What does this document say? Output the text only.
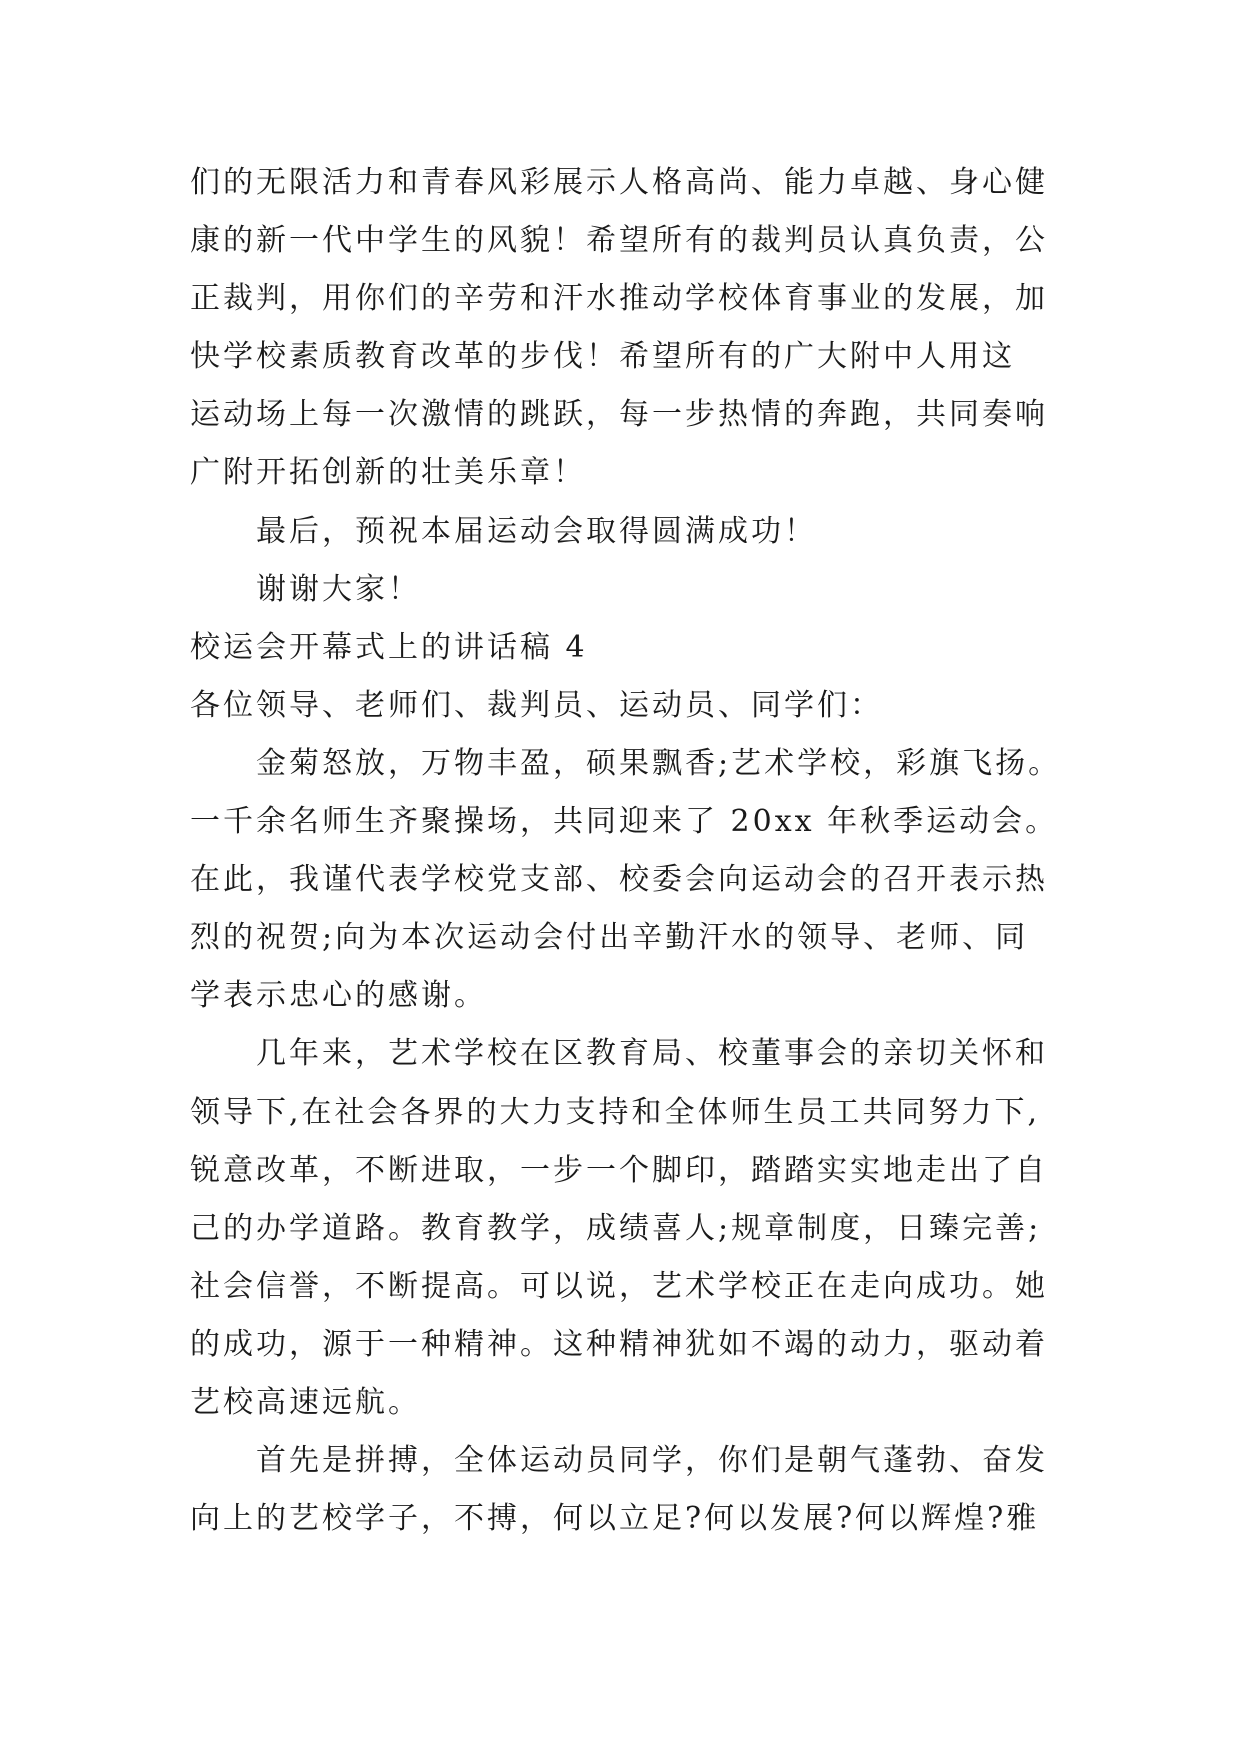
们的无限活力和青春风彩展示人格高尚、能力卓越、身心健
康的新一代中学生的风貌！希望所有的裁判员认真负责，公
正裁判，用你们的辛劳和汗水推动学校体育事业的发展，加
快学校素质教育改革的步伐！希望所有的广大附中人用这
运动场上每一次激情的跳跃，每一步热情的奔跑，共同奏响
广附开拓创新的壮美乐章！
最后，预祝本届运动会取得圆满成功！
谢谢大家！
校运会开幕式上的讲话稿 4
各位领导、老师们、裁判员、运动员、同学们：
金菊怒放，万物丰盈，硕果飘香;艺术学校，彩旗飞扬。
一千余名师生齐聚操场，共同迎来了 20xx 年秋季运动会。
在此，我谨代表学校党支部、校委会向运动会的召开表示热
烈的祝贺;向为本次运动会付出辛勤汗水的领导、老师、同
学表示忠心的感谢。
几年来，艺术学校在区教育局、校董事会的亲切关怀和
领导下,在社会各界的大力支持和全体师生员工共同努力下,
锐意改革，不断进取，一步一个脚印，踏踏实实地走出了自
己的办学道路。教育教学，成绩喜人;规章制度，日臻完善;
社会信誉，不断提高。可以说，艺术学校正在走向成功。她
的成功，源于一种精神。这种精神犹如不竭的动力，驱动着
艺校高速远航。
首先是拼搏，全体运动员同学，你们是朝气蓬勃、奋发
向上的艺校学子，不搏，何以立足?何以发展?何以辉煌?雅
